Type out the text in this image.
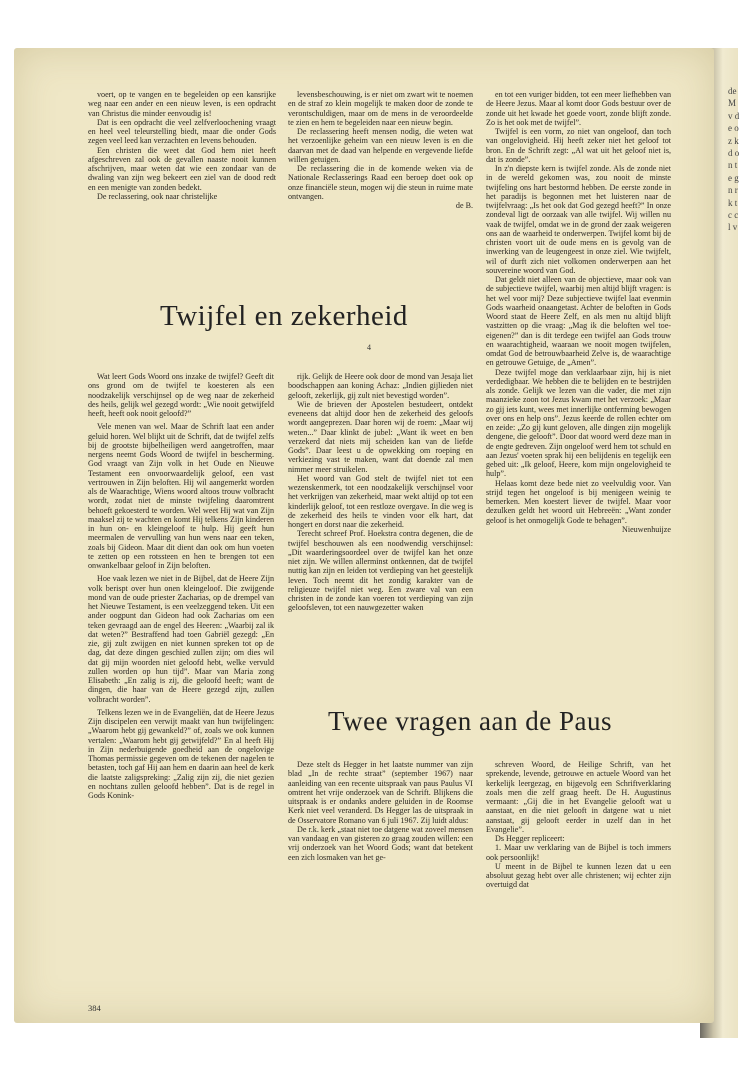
de M v d e o z k d o n te g n r k t c c l v

voert, op te vangen en te begeleiden op een kansrijke weg naar een ander en een nieuw leven, is een opdracht van Christus die minder eenvoudig is!

Dat is een opdracht die veel zelfverloochening vraagt en heel veel teleurstelling biedt, maar die onder Gods zegen veel leed kan verzachten en levens behouden.

Een christen die weet dat God hem niet heeft afgeschreven zal ook de gevallen naaste nooit kunnen afschrijven, maar weten dat wie een zondaar van de dwaling van zijn weg bekeert een ziel van de dood redt en een menigte van zonden bedekt.

De reclassering, ook naar christelijke

levensbeschouwing, is er niet om zwart wit te noemen en de straf zo klein mogelijk te maken door de zonde te verontschuldigen, maar om de mens in de veroordeelde te zien en hem te begeleiden naar een nieuw begin.

De reclassering heeft mensen nodig, die weten wat het verzoenlijke geheim van een nieuw leven is en die daarvan met de daad van helpende en vergevende liefde willen getuigen.

De reclassering die in de komende weken via de Nationale Reclasserings Raad een beroep doet ook op onze financiële steun, mogen wij die steun in ruime mate ontvangen.

de B.

Twijfel en zekerheid
4

Wat leert Gods Woord ons inzake de twijfel? Geeft dit ons grond om de twijfel te koesteren als een noodzakelijk verschijnsel op de weg naar de zekerheid des heils, gelijk wel gezegd wordt: „Wie nooit getwijfeld heeft, heeft ook nooit geloofd?”

Vele menen van wel. Maar de Schrift laat een ander geluid horen. Wel blijkt uit de Schrift, dat de twijfel zelfs bij de grootste bijbelheiligen werd aangetroffen, maar nergens neemt Gods Woord de twijfel in bescherming. God vraagt van Zijn volk in het Oude en Nieuwe Testament een onvoorwaardelijk geloof, een vast vertrouwen in Zijn beloften. Hij wil aangemerkt worden als de Waarachtige, Wiens woord altoos trouw volbracht wordt, zodat niet de minste twijfeling daaromtrent behoeft gekoesterd te worden. Wel weet Hij wat van Zijn maaksel zij te wachten en komt Hij telkens Zijn kinderen in hun on- en kleingeloof te hulp. Hij geeft hun meermalen de vervulling van hun wens naar een teken, zoals bij Gideon. Maar dit dient dan ook om hun voeten te zetten op een rotssteen en hen te brengen tot een onwankelbaar geloof in Zijn beloften.

Hoe vaak lezen we niet in de Bijbel, dat de Heere Zijn volk berispt over hun onen kleingeloof. Die zwijgende mond van de oude priester Zacharias, op de drempel van het Nieuwe Testament, is een veelzeggend teken. Uit een ander oogpunt dan Gideon had ook Zacharias om een teken gevraagd aan de engel des Heeren: „Waarbij zal ik dat weten?” Bestraffend had toen Gabriël gezegd: „En zie, gij zult zwijgen en niet kunnen spreken tot op de dag, dat deze dingen geschied zullen zijn; om dies wil dat gij mijn woorden niet geloofd hebt, welke vervuld zullen worden op hun tijd”. Maar van Maria zong Elisabeth: „En zalig is zij, die geloofd heeft; want de dingen, die haar van de Heere gezegd zijn, zullen volbracht worden”.

Telkens lezen we in de Evangeliën, dat de Heere Jezus Zijn discipelen een verwijt maakt van hun twijfelingen: „Waarom hebt gij gewankeld?” of, zoals we ook kunnen vertalen: „Waarom hebt gij getwijfeld?” En al heeft Hij in Zijn nederbuigende goedheid aan de ongelovige Thomas permissie gegeven om de tekenen der nagelen te betasten, toch gaf Hij aan hem en daarin aan heel de kerk die laatste zaligspreking: „Zalig zijn zij, die niet gezien en nochtans zullen geloofd hebben”. Dat is de regel in Gods Konink-

rijk. Gelijk de Heere ook door de mond van Jesaja liet boodschappen aan koning Achaz: „Indien gijlieden niet gelooft, zekerlijk, gij zult niet bevestigd worden”.

Wie de brieven der Apostelen bestudeert, ontdekt eveneens dat altijd door hen de zekerheid des geloofs wordt aangeprezen. Daar horen wij de roem: „Maar wij weten...” Daar klinkt de jubel: „Want ik weet en ben verzekerd dat niets mij scheiden kan van de liefde Gods”. Daar leest u de opwekking om roeping en verkiezing vast te maken, want dat doende zal men nimmer meer struikelen.

Het woord van God stelt de twijfel niet tot een wezenskenmerk, tot een noodzakelijk verschijnsel voor het verkrijgen van zekerheid, maar wekt altijd op tot een kinderlijk geloof, tot een restloze overgave. In die weg is de zekerheid des heils te vinden voor elk hart, dat hongert en dorst naar die zekerheid.

Terecht schreef Prof. Hoekstra contra degenen, die de twijfel beschouwen als een noodwendig verschijnsel: „Dit waarderingsoordeel over de twijfel kan het onze niet zijn. We willen allerminst ontkennen, dat de twijfel nuttig kan zijn en leiden tot verdieping van het geestelijk leven. Toch neemt dit het zondig karakter van de religieuze twijfel niet weg. Een zware val van een christen in de zonde kan voeren tot verdieping van zijn geloofsleven, tot een nauwgezetter waken

en tot een vuriger bidden, tot een meer liefhebben van de Heere Jezus. Maar al komt door Gods bestuur over de zonde uit het kwade het goede voort, zonde blijft zonde. Zo is het ook met de twijfel”.

Twijfel is een vorm, zo niet van ongeloof, dan toch van ongelovigheid. Hij heeft zeker niet het geloof tot bron. En de Schrift zegt: „Al wat uit het geloof niet is, dat is zonde”.

In z'n diepste kern is twijfel zonde. Als de zonde niet in de wereld gekomen was, zou nooit de minste twijfeling ons hart bestormd hebben. De eerste zonde in het paradijs is begonnen met het luisteren naar de twijfelvraag: „Is het ook dat God gezegd heeft?” In onze zondeval ligt de oorzaak van alle twijfel. Wij willen nu vaak de twijfel, omdat we in de grond der zaak weigeren ons aan de waarheid te onderwerpen. Twijfel komt bij de christen voort uit de oude mens en is gevolg van de inwerking van de leugengeest in onze ziel. Wie twijfelt, wil of durft zich niet volkomen onderwerpen aan het souvereine woord van God.

Dat geldt niet alleen van de objectieve, maar ook van de subjectieve twijfel, waarbij men altijd blijft vragen: is het wel voor mij? Deze subjectieve twijfel laat evenmin Gods waarheid onaangetast. Achter de beloften in Gods Woord staat de Heere Zelf, en als men nu altijd blijft vastzitten op die vraag: „Mag ik die beloften wel toe-eigenen?” dan is dit terdege een twijfel aan Gods trouw en waarachtigheid, waaraan we nooit mogen twijfelen, omdat God de betrouwbaarheid Zelve is, de waarachtige en getrouwe Getuige, de „Amen”.

Deze twijfel moge dan verklaarbaar zijn, hij is niet verdedigbaar. We hebben die te belijden en te bestrijden als zonde. Gelijk we lezen van die vader, die met zijn maanzieke zoon tot Jezus kwam met het verzoek: „Maar zo gij iets kunt, wees met innerlijke ontferming bewogen over ons en help ons”. Jezus keerde de rollen echter om en zeide: „Zo gij kunt geloven, alle dingen zijn mogelijk dengene, die gelooft”. Door dat woord werd deze man in de engte gedreven. Zijn ongeloof werd hem tot schuld en aan Jezus' voeten sprak hij een belijdenis en tegelijk een gebed uit: „Ik geloof, Heere, kom mijn ongelovigheid te hulp”.

Helaas komt deze bede niet zo veelvuldig voor. Van strijd tegen het ongeloof is bij menigeen weinig te bemerken. Men koestert liever de twijfel. Maar voor dezulken geldt het woord uit Hebreeën: „Want zonder geloof is het onmogelijk Gode te behagen”.

Nieuwenhuijze

Twee vragen aan de Paus

Deze stelt ds Hegger in het laatste nummer van zijn blad „In de rechte straat” (september 1967) naar aanleiding van een recente uitspraak van paus Paulus VI omtrent het vrije onderzoek van de Schrift. Blijkens die uitspraak is er ondanks andere geluiden in de Roomse Kerk niet veel veranderd. Ds Hegger las de uitspraak in de Osservatore Romano van 6 juli 1967. Zij luidt aldus:

De r.k. kerk „staat niet toe datgene wat zoveel mensen van vandaag en van gisteren zo graag zouden willen: een vrij onderzoek van het Woord Gods; want dat betekent een zich losmaken van het ge-

schreven Woord, de Heilige Schrift, van het sprekende, levende, getrouwe en actuele Woord van het kerkelijk leergezag, en bijgevolg een Schriftverklaring zoals men die zelf graag heeft. De H. Augustinus vermaant: „Gij die in het Evangelie gelooft wat u aanstaat, en die niet gelooft in datgene wat u niet aanstaat, gij gelooft eerder in uzelf dan in het Evangelie”.

Ds Hegger repliceert:

1. Maar uw verklaring van de Bijbel is toch immers ook persoonlijk!

U meent in de Bijbel te kunnen lezen dat u een absoluut gezag hebt over alle christenen; wij echter zijn overtuigd dat

384
